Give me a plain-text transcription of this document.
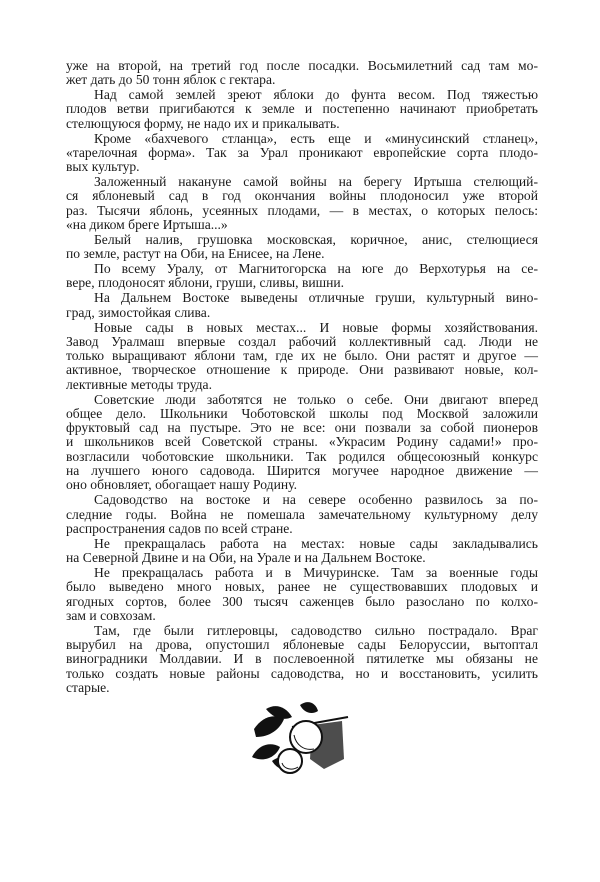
уже на второй, на третий год после посадки. Восьмилетний сад там мо-
жет дать до 50 тонн яблок с гектара.
Над самой землей зреют яблоки до фунта весом. Под тяжестью
плодов ветви пригибаются к земле и постепенно начинают приобретать
стелющуюся форму, не надо их и прикалывать.
Кроме «бахчевого стланца», есть еще и «минусинский стланец»,
«тарелочная форма». Так за Урал проникают европейские сорта плодо-
вых культур.
Заложенный накануне самой войны на берегу Иртыша стелющий-
ся яблоневый сад в год окончания войны плодоносил уже второй
раз. Тысячи яблонь, усеянных плодами, — в местах, о которых пелось:
«на диком бреге Иртыша...»
Белый налив, грушовка московская, коричное, анис, стелющиеся
по земле, растут на Оби, на Енисее, на Лене.
По всему Уралу, от Магнитогорска на юге до Верхотурья на се-
вере, плодоносят яблони, груши, сливы, вишни.
На Дальнем Востоке выведены отличные груши, культурный вино-
град, зимостойкая слива.
Новые сады в новых местах... И новые формы хозяйствования.
Завод Уралмаш впервые создал рабочий коллективный сад. Люди не
только выращивают яблони там, где их не было. Они растят и другое —
активное, творческое отношение к природе. Они развивают новые, кол-
лективные методы труда.
Советские люди заботятся не только о себе. Они двигают вперед
общее дело. Школьники Чоботовской школы под Москвой заложили
фруктовый сад на пустыре. Это не все: они позвали за собой пионеров
и школьников всей Советской страны. «Украсим Родину садами!» про-
возгласили чоботовские школьники. Так родился общесоюзный конкурс
на лучшего юного садовода. Ширится могучее народное движение —
оно обновляет, обогащает нашу Родину.
Садоводство на востоке и на севере особенно развилось за по-
следние годы. Война не помешала замечательному культурному делу
распространения садов по всей стране.
Не прекращалась работа на местах: новые сады закладывались
на Северной Двине и на Оби, на Урале и на Дальнем Востоке.
Не прекращалась работа и в Мичуринске. Там за военные годы
было выведено много новых, ранее не существовавших плодовых и
ягодных сортов, более 300 тысяч саженцев было разослано по колхо-
зам и совхозам.
Там, где были гитлеровцы, садоводство сильно пострадало. Враг
вырубил на дрова, опустошил яблоневые сады Белоруссии, вытоптал
виноградники Молдавии. И в послевоенной пятилетке мы обязаны не
только создать новые районы садоводства, но и восстановить, усилить
старые.
